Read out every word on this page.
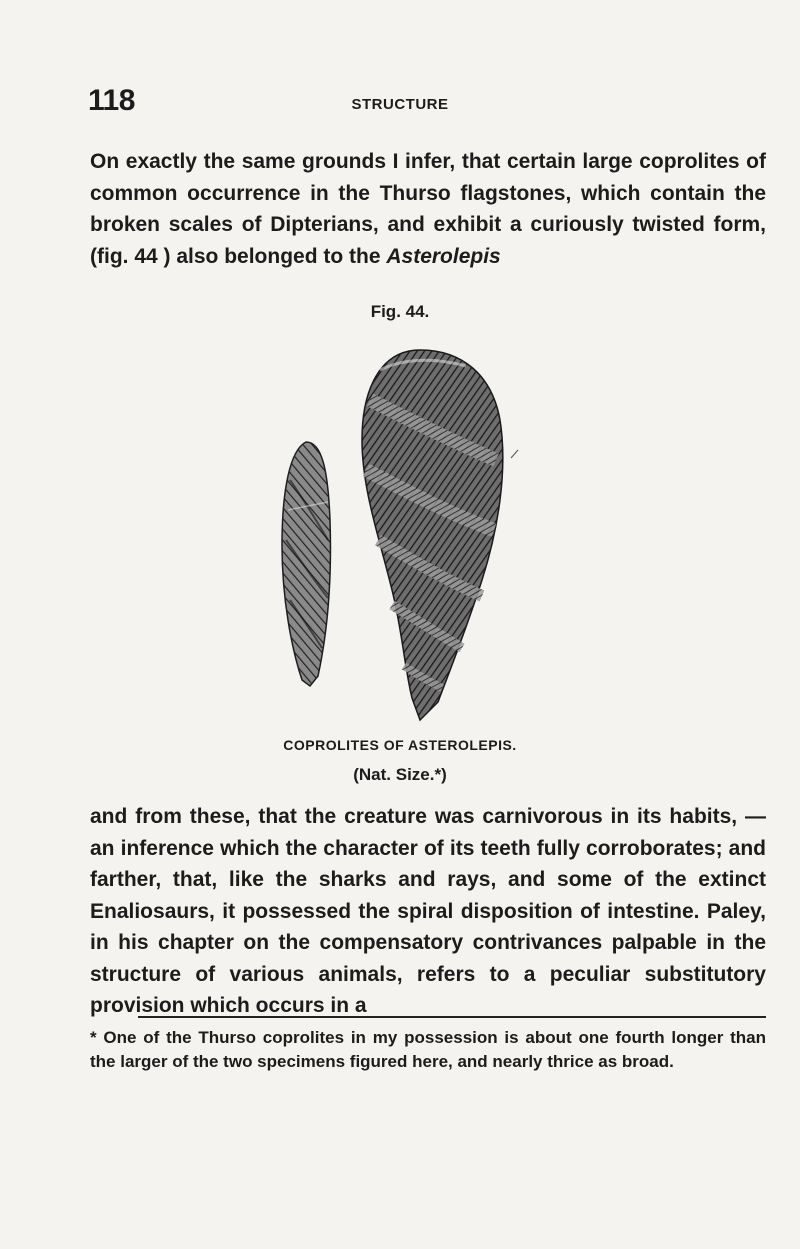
118	STRUCTURE
On exactly the same grounds I infer, that certain large coprolites of common occurrence in the Thurso flagstones, which contain the broken scales of Dipterians, and exhibit a curiously twisted form, (fig. 44 ) also belonged to the Asterolepis
Fig. 44.
COPROLITES OF ASTEROLEPIS.
(Nat. Size.*)
and from these, that the creature was carnivorous in its habits, — an inference which the character of its teeth fully corroborates; and farther, that, like the sharks and rays, and some of the extinct Enaliosaurs, it possessed the spiral disposition of intestine. Paley, in his chapter on the compensatory contrivances palpable in the structure of various animals, refers to a peculiar substitutory provision which occurs in a
* One of the Thurso coprolites in my possession is about one fourth longer than the larger of the two specimens figured here, and nearly thrice as broad.
